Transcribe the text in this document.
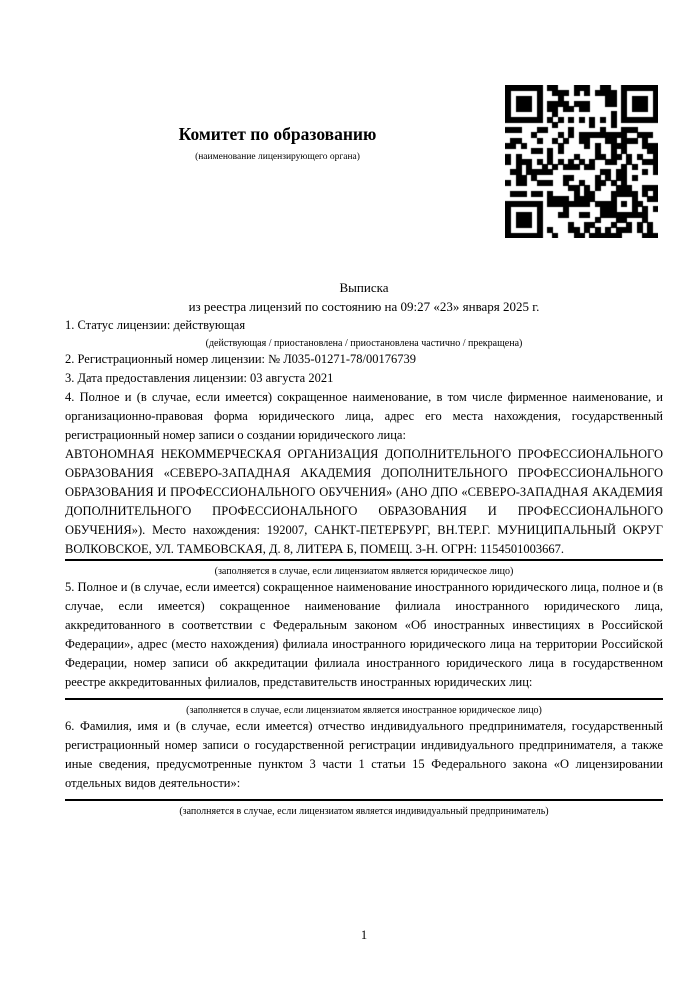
Комитет по образованию
(наименование лицензирующего органа)
Выписка
из реестра лицензий по состоянию на 09:27 «23» января 2025 г.

1. Статус лицензии: действующая

(действующая / приостановлена / приостановлена частично / прекращена)

2. Регистрационный номер лицензии: № Л035-01271-78/00176739

3. Дата предоставления лицензии: 03 августа 2021

4. Полное и (в случае, если имеется) сокращенное наименование, в том числе фирменное наименование, и организационно-правовая форма юридического лица, адрес его места нахождения, государственный регистрационный номер записи о создании юридического лица:

АВТОНОМНАЯ НЕКОММЕРЧЕСКАЯ ОРГАНИЗАЦИЯ ДОПОЛНИТЕЛЬНОГО ПРОФЕССИОНАЛЬНОГО ОБРАЗОВАНИЯ «СЕВЕРО-ЗАПАДНАЯ АКАДЕМИЯ ДОПОЛНИТЕЛЬНОГО ПРОФЕССИОНАЛЬНОГО ОБРАЗОВАНИЯ И ПРОФЕССИОНАЛЬНОГО ОБУЧЕНИЯ» (АНО ДПО «СЕВЕРО-ЗАПАДНАЯ АКАДЕМИЯ ДОПОЛНИТЕЛЬНОГО ПРОФЕССИОНАЛЬНОГО ОБРАЗОВАНИЯ И ПРОФЕССИОНАЛЬНОГО ОБУЧЕНИЯ»). Место нахождения: 192007, САНКТ-ПЕТЕРБУРГ, ВН.ТЕР.Г. МУНИЦИПАЛЬНЫЙ ОКРУГ ВОЛКОВСКОЕ, УЛ. ТАМБОВСКАЯ, Д. 8, ЛИТЕРА Б, ПОМЕЩ. 3-Н. ОГРН: 1154501003667.

(заполняется в случае, если лицензиатом является юридическое лицо)

5. Полное и (в случае, если имеется) сокращенное наименование иностранного юридического лица, полное и (в случае, если имеется) сокращенное наименование филиала иностранного юридического лица, аккредитованного в соответствии с Федеральным законом «Об иностранных инвестициях в Российской Федерации», адрес (место нахождения) филиала иностранного юридического лица на территории Российской Федерации, номер записи об аккредитации филиала иностранного юридического лица в государственном реестре аккредитованных филиалов, представительств иностранных юридических лиц:

(заполняется в случае, если лицензиатом является иностранное юридическое лицо)

6. Фамилия, имя и (в случае, если имеется) отчество индивидуального предпринимателя, государственный регистрационный номер записи о государственной регистрации индивидуального предпринимателя, а также иные сведения, предусмотренные пунктом 3 части 1 статьи 15 Федерального закона «О лицензировании отдельных видов деятельности»:

(заполняется в случае, если лицензиатом является индивидуальный предприниматель)
1
